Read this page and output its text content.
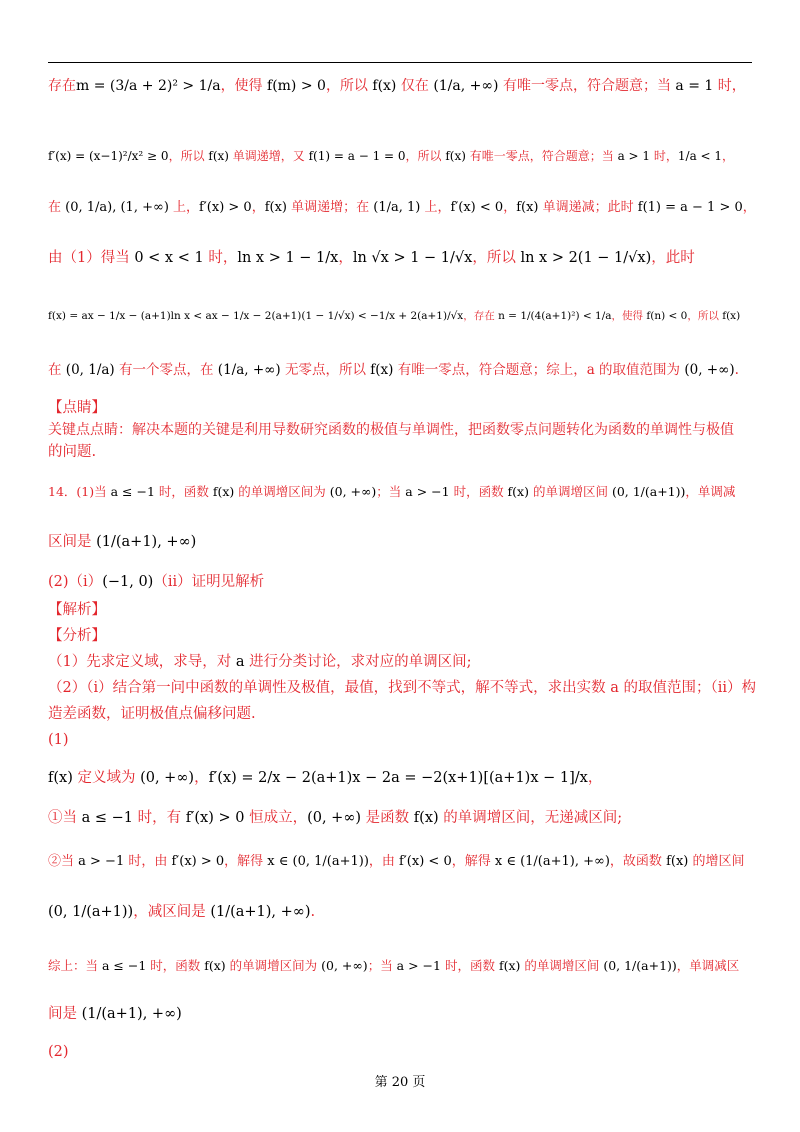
存在m = (3/a + 2)² > 1/a，使得 f(m) > 0，所以 f(x) 仅在 (1/a, +∞) 有唯一零点，符合题意；当 a = 1 时，
f′(x) = (x−1)²/x² ≥ 0，所以 f(x) 单调递增，又 f(1) = a − 1 = 0，所以 f(x) 有唯一零点，符合题意；当 a > 1 时，1/a < 1，
在 (0, 1/a), (1, +∞) 上，f′(x) > 0，f(x) 单调递增；在 (1/a, 1) 上，f′(x) < 0，f(x) 单调递减；此时 f(1) = a − 1 > 0，
由（1）得当 0 < x < 1 时，ln x > 1 − 1/x，ln √x > 1 − 1/√x，所以 ln x > 2(1 − 1/√x)，此时
f(x) = ax − 1/x − (a+1)ln x < ax − 1/x − 2(a+1)(1 − 1/√x) < −1/x + 2(a+1)/√x，存在 n = 1/(4(a+1)²) < 1/a，使得 f(n) < 0，所以 f(x)
在 (0, 1/a) 有一个零点，在 (1/a, +∞) 无零点，所以 f(x) 有唯一零点，符合题意；综上，a 的取值范围为 (0, +∞).
【点睛】
关键点点睛：解决本题的关键是利用导数研究函数的极值与单调性，把函数零点问题转化为函数的单调性与极值
的问题.
14．(1)当 a ≤ −1 时，函数 f(x) 的单调增区间为 (0, +∞)；当 a > −1 时，函数 f(x) 的单调增区间 (0, 1/(a+1))，单调减
区间是 (1/(a+1), +∞)
(2)（i）(−1, 0)（ii）证明见解析
【解析】
【分析】
（1）先求定义域，求导，对 a 进行分类讨论，求对应的单调区间;
（2）（i）结合第一问中函数的单调性及极值，最值，找到不等式，解不等式，求出实数 a 的取值范围；（ii）构
造差函数，证明极值点偏移问题.
(1)
f(x) 定义域为 (0, +∞)，f′(x) = 2/x − 2(a+1)x − 2a = −2(x+1)[(a+1)x − 1]/x，
①当 a ≤ −1 时，有 f′(x) > 0 恒成立，(0, +∞) 是函数 f(x) 的单调增区间，无递减区间;
②当 a > −1 时，由 f′(x) > 0，解得 x ∈ (0, 1/(a+1))，由 f′(x) < 0，解得 x ∈ (1/(a+1), +∞)，故函数 f(x) 的增区间
(0, 1/(a+1))，减区间是 (1/(a+1), +∞).
综上：当 a ≤ −1 时，函数 f(x) 的单调增区间为 (0, +∞)；当 a > −1 时，函数 f(x) 的单调增区间 (0, 1/(a+1))，单调减区
间是 (1/(a+1), +∞)
(2)
第 20 页
